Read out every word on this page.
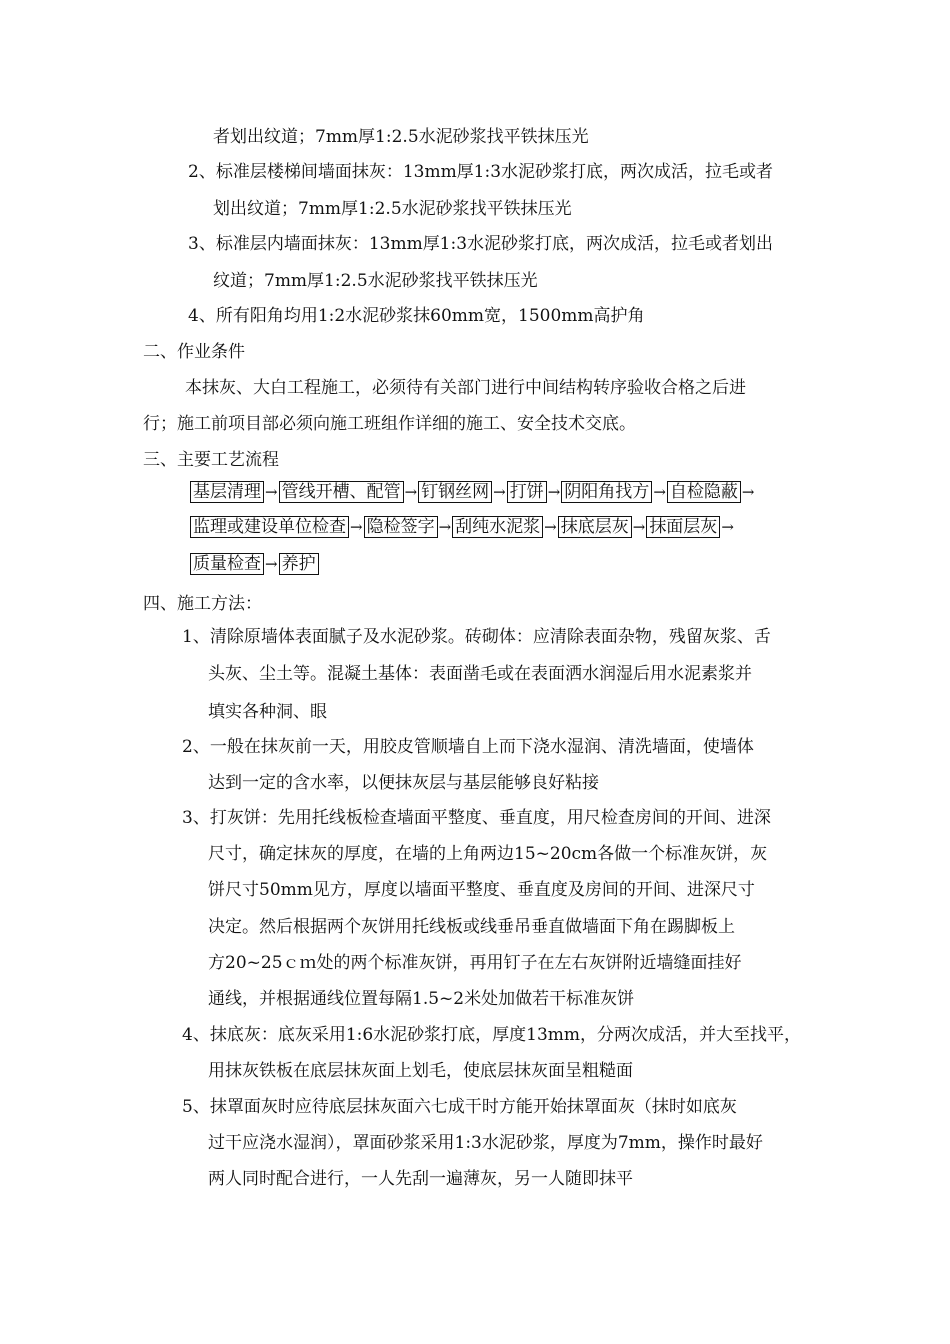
者划出纹道；7mm厚1:2.5水泥砂浆找平铁抹压光
2、标准层楼梯间墙面抹灰：13mm厚1:3水泥砂浆打底，两次成活，拉毛或者
划出纹道；7mm厚1:2.5水泥砂浆找平铁抹压光
3、标准层内墙面抹灰：13mm厚1:3水泥砂浆打底，两次成活，拉毛或者划出
纹道；7mm厚1:2.5水泥砂浆找平铁抹压光
4、所有阳角均用1:2水泥砂浆抹60mm宽，1500mm高护角
二、作业条件
本抹灰、大白工程施工，必须待有关部门进行中间结构转序验收合格之后进
行；施工前项目部必须向施工班组作详细的施工、安全技术交底。
三、主要工艺流程
基层清理 → 管线开槽、配管 → 钉钢丝网 → 打饼 → 阴阳角找方 → 自检隐蔽 →
监理或建设单位检查 → 隐检签字 → 刮纯水泥浆 → 抹底层灰 → 抹面层灰 →
质量检查 → 养护
四、施工方法：
1、清除原墙体表面腻子及水泥砂浆。砖砌体：应清除表面杂物，残留灰浆、舌
头灰、尘土等。混凝土基体：表面凿毛或在表面洒水润湿后用水泥素浆并
填实各种洞、眼
2、一般在抹灰前一天，用胶皮管顺墙自上而下浇水湿润、清洗墙面，使墙体
达到一定的含水率，以便抹灰层与基层能够良好粘接
3、打灰饼：先用托线板检查墙面平整度、垂直度，用尺检查房间的开间、进深
尺寸，确定抹灰的厚度，在墙的上角两边15~20cm各做一个标准灰饼，灰
饼尺寸50mm见方，厚度以墙面平整度、垂直度及房间的开间、进深尺寸
决定。然后根据两个灰饼用托线板或线垂吊垂直做墙面下角在踢脚板上
方20~25ｃｍ处的两个标准灰饼，再用钉子在左右灰饼附近墙缝面挂好
通线，并根据通线位置每隔1.5~2米处加做若干标准灰饼
4、抹底灰：底灰采用1:6水泥砂浆打底，厚度13mm，分两次成活，并大至找平，
用抹灰铁板在底层抹灰面上划毛，使底层抹灰面呈粗糙面
5、抹罩面灰时应待底层抹灰面六七成干时方能开始抹罩面灰（抹时如底灰
过干应浇水湿润），罩面砂浆采用1:3水泥砂浆，厚度为7mm，操作时最好
两人同时配合进行，一人先刮一遍薄灰，另一人随即抹平
